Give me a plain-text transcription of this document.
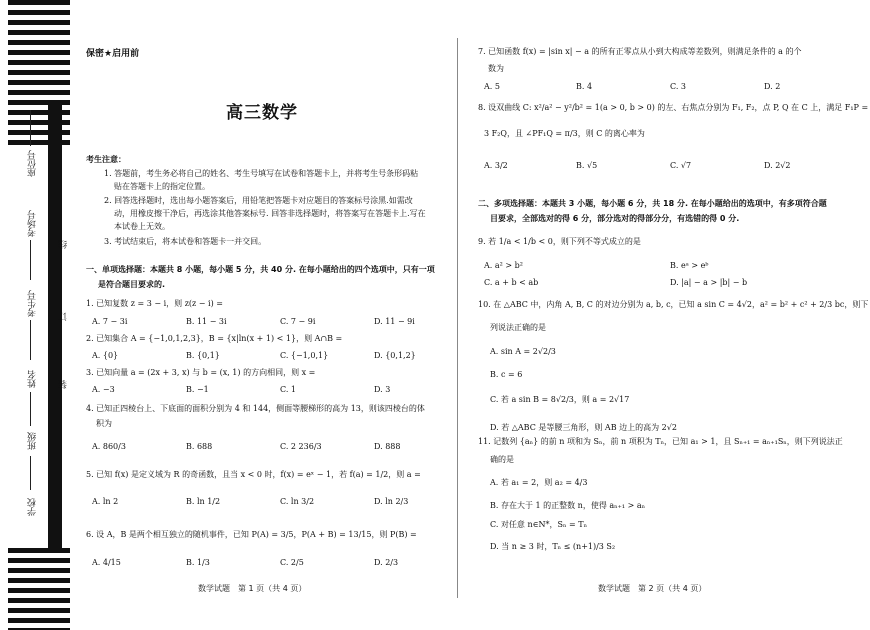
座位号
考场号
考生号
姓名
班级
学校
线
订
装
保密★启用前
高三数学
考生注意：
1. 答题前，考生务必将自己的姓名、考生号填写在试卷和答题卡上，并将考生号条形码粘
贴在答题卡上的指定位置。
2. 回答选择题时，选出每小题答案后，用铅笔把答题卡对应题目的答案标号涂黑.如需改
动，用橡皮擦干净后，再选涂其他答案标号. 回答非选择题时，将答案写在答题卡上.写在
本试卷上无效。
3. 考试结束后，将本试卷和答题卡一并交回。
一、单项选择题：本题共 8 小题，每小题 5 分，共 40 分. 在每小题给出的四个选项中，只有一项
是符合题目要求的.
1. 已知复数 z = 3 − i，则 z(z − i) =
A. 7 − 3i	B. 11 − 3i	C. 7 − 9i	D. 11 − 9i
2. 已知集合 A = {−1,0,1,2,3}，B = {x|ln(x + 1) < 1}，则 A∩B =
A. {0}	B. {0,1}	C. {−1,0,1}	D. {0,1,2}
3. 已知向量 a = (2x + 3, x) 与 b = (x, 1) 的方向相同，则 x =
A. −3	B. −1	C. 1	D. 3
4. 已知正四棱台上、下底面的面积分别为 4 和 144，侧面等腰梯形的高为 13，则该四棱台的体
积为
A. 860/3	B. 688	C. 2 236/3	D. 888
5. 已知 f(x) 是定义域为 R 的奇函数，且当 x < 0 时，f(x) = eˣ − 1，若 f(a) = 1/2，则 a =
A. ln 2	B. ln 1/2	C. ln 3/2	D. ln 2/3
6. 设 A，B 是两个相互独立的随机事件，已知 P(A) = 3/5，P(A + B) = 13/15，则 P(B) =
A. 4/15	B. 1/3	C. 2/5	D. 2/3
数学试题　第 1 页（共 4 页）
7. 已知函数 f(x) = |sin x| − a 的所有正零点从小到大构成等差数列，则满足条件的 a 的个
数为
A. 5	B. 4	C. 3	D. 2
8. 设双曲线 C: x²/a² − y²/b² = 1(a > 0, b > 0) 的左、右焦点分别为 F₁, F₂，点 P, Q 在 C 上，满足 F₁P =
3 F₂Q，且 ∠PF₁Q = π/3，则 C 的离心率为
A. 3/2	B. √5	C. √7	D. 2√2
二、多项选择题：本题共 3 小题，每小题 6 分，共 18 分. 在每小题给出的选项中，有多项符合题
目要求，全部选对的得 6 分，部分选对的得部分分，有选错的得 0 分.
9. 若 1/a < 1/b < 0，则下列不等式成立的是
A. a² > b²	B. eᵃ > eᵇ
C. a + b < ab	D. |a| − a > |b| − b
10. 在 △ABC 中，内角 A, B, C 的对边分别为 a, b, c，已知 a sin C = 4√2，a² = b² + c² + 2/3 bc，则下
列说法正确的是
A. sin A = 2√2/3
B. c = 6
C. 若 a sin B = 8√2/3，则 a = 2√17
D. 若 △ABC 是等腰三角形，则 AB 边上的高为 2√2
11. 记数列 {aₙ} 的前 n 项和为 Sₙ，前 n 项积为 Tₙ，已知 a₁ > 1，且 Sₙ₊₁ = aₙ₊₁Sₙ，则下列说法正
确的是
A. 若 a₁ = 2，则 a₂ = 4/3
B. 存在大于 1 的正整数 n，使得 aₙ₊₁ > aₙ
C. 对任意 n∈N*，Sₙ = Tₙ
D. 当 n ≥ 3 时，Tₙ ≤ (n+1)/3 S₂
数学试题　第 2 页（共 4 页）
